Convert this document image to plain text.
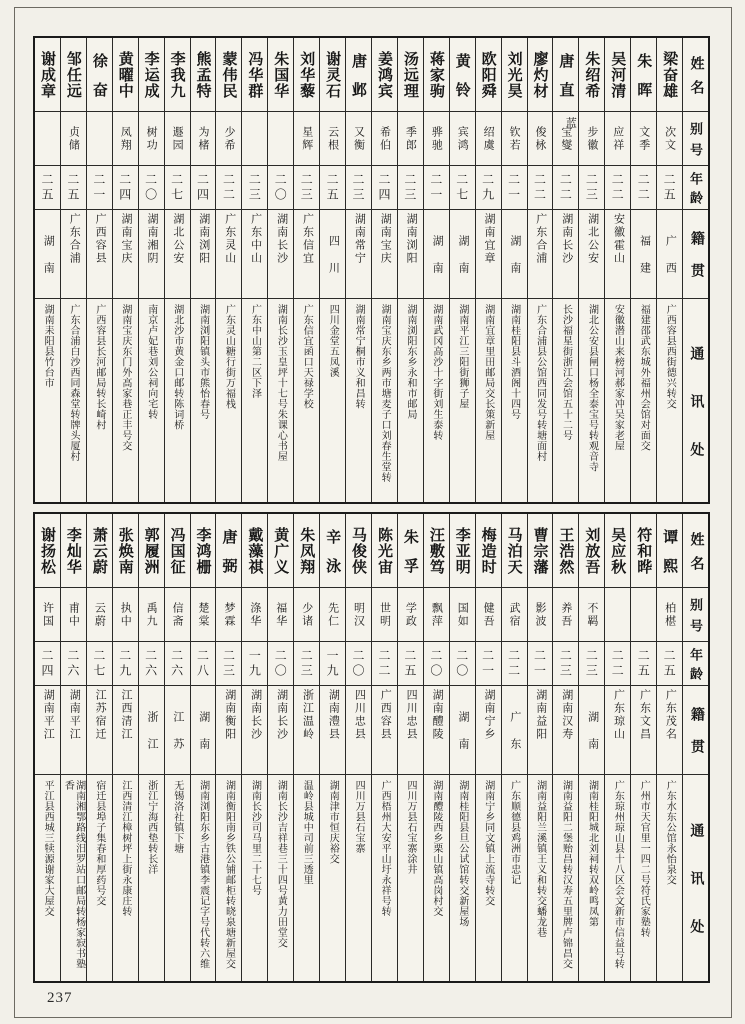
姓名
别号
年龄
籍贯
通讯处
梁奋雄
次文
二五
广西
广西容县西街德兴转交
朱晖
文季
二二
福建
福建邵武东城外福州会馆对面交
吴河清
应祥
二二
安徽霍山
安徽潜山来榜河郝家冲吴家老屋
朱绍希
步徽
二三
湖北公安
湖北公安县闸口杨全泰宝号转观音寺
唐直
宝燮
蓝
二二
湖南长沙
长沙福星街浙江会馆五十二号
廖灼材
俊栐
二二
广东合浦
广东合浦县公馆西同发号转塘面村
刘光昊
钦若
二一
湖南
湖南桂阳县斗酒阁十四号
欧阳舜
绍虞
二九
湖南宜章
湖南宜章里田邮局交长策新屋
黄铃
宾鸿
二七
湖南
湖南平江三阳街狮子屋
蒋家驹
骅驰
二一
湖南
湖南武冈高沙十字街刘生泰转
汤远理
季郎
二三
湖南浏阳
湖南浏阳东乡永和市邮局
姜鸿宾
希伯
二四
湖南宝庆
湖南宝庆东乡两市塘麦子口刘春生堂转
唐邺
又衡
二三
湖南常宁
湖南常宁桐市义和昌转
谢灵石
云根
二五
四川
四川金堂五凤溪
刘华藜
星辉
二三
广东信宜
广东信宜函口天禄学校
朱国华
二〇
湖南长沙
湖南长沙玉皇坪十七号朱课心书屋
冯华群
二三
广东中山
广东中山第二区下泽
蒙伟民
少希
二二
广东灵山
广东灵山糖行街万福栈
熊孟特
为楮
二四
湖南浏阳
湖南浏阳镇头市熊怡春号
李我九
遯园
二七
湖北公安
湖北沙市黄金口邮转陈词桥
李运成
树功
二〇
湖南湘阴
南京卢妃巷刘公祠向宅转
黄曜中
凤翔
二四
湖南宝庆
湖南宝庆东门外高家巷正丰号交
徐奋
二一
广西容县
广西容县长河邮局转长崎村
邹任远
贞储
二五
广东合浦
广东合浦白沙西同森堂转牌头厦村
谢成章
二五
湖南
湖南耒阳县竹台市
姓名
别号
年龄
籍贯
通讯处
谭熙
柏椹
二五
广东茂名
广东水东公馆永怡泉交
符和晔
二五
广东文昌
广州市天官里一四二号符氏家塾转
吴应秋
二二
广东琼山
广东琼州琼山县十八区会文新市信益号转
刘放吾
不羁
二三
湖南
湖南桂阳城北刘祠转双岭鸣凤第
王浩然
养吾
二三
湖南汉寿
湖南益阳二堡贻昌转汉寿五里牌卢锦昌交
曹宗藩
影波
二一
湖南益阳
湖南益阳兰溪镇王义和转交蟠龙巷
马泊天
武宿
二二
广东
广东顺德县鸡洲市忠记
梅造时
健吾
二一
湖南宁乡
湖南宁乡同文镇上流寺转交
李亚明
国如
二〇
湖南
湖南桂阳县旦公试馆转交新屋场
汪敷笃
飘萍
二〇
湖南醴陵
湖南醴陵西乡栗山镇高岗村交
朱孚
学政
二五
四川忠县
四川万县石宝寨涂井
陈光宙
世明
二二
广西容县
广西梧州大安平山圩永祥号转
马俊侠
明汉
二〇
四川忠县
四川万县石宝寨
辛泳
先仁
一九
湖南澧县
湖南津市恒庆裕交
朱凤翔
少诸
二三
浙江温岭
温岭县城中司前三透里
黄广义
福华
二〇
湖南长沙
湖南长沙吉祥巷三十四号黄力田堂交
戴藻祺
涤华
一九
湖南长沙
湖南长沙司马里二十七号
唐弼
梦霖
二三
湖南衡阳
湖南衡阳南乡铁公铺邮柜转晓泉塘新屋交
李鸿栅
楚棠
二八
湖南
湖南浏阳东乡古港镇李震记字号代转六维
冯国征
信斋
二六
江苏
无锡洛社镇下塘
郭履洲
禹九
二六
浙江
浙江宁海西垫转长洋
张焕南
执中
二九
江西清江
江西清江樟树坪上街永康庄转
萧云蔚
云蔚
二七
江苏宿迁
宿迁县埠子集春和厚药号交
李灿华
甫中
二六
湖南平江
湖南湘鄂路线汨罗站口邮局转杨家寂书塾香
谢扬松
许国
二四
湖南平江
平江县西城三犊源谢家大屋交
237
